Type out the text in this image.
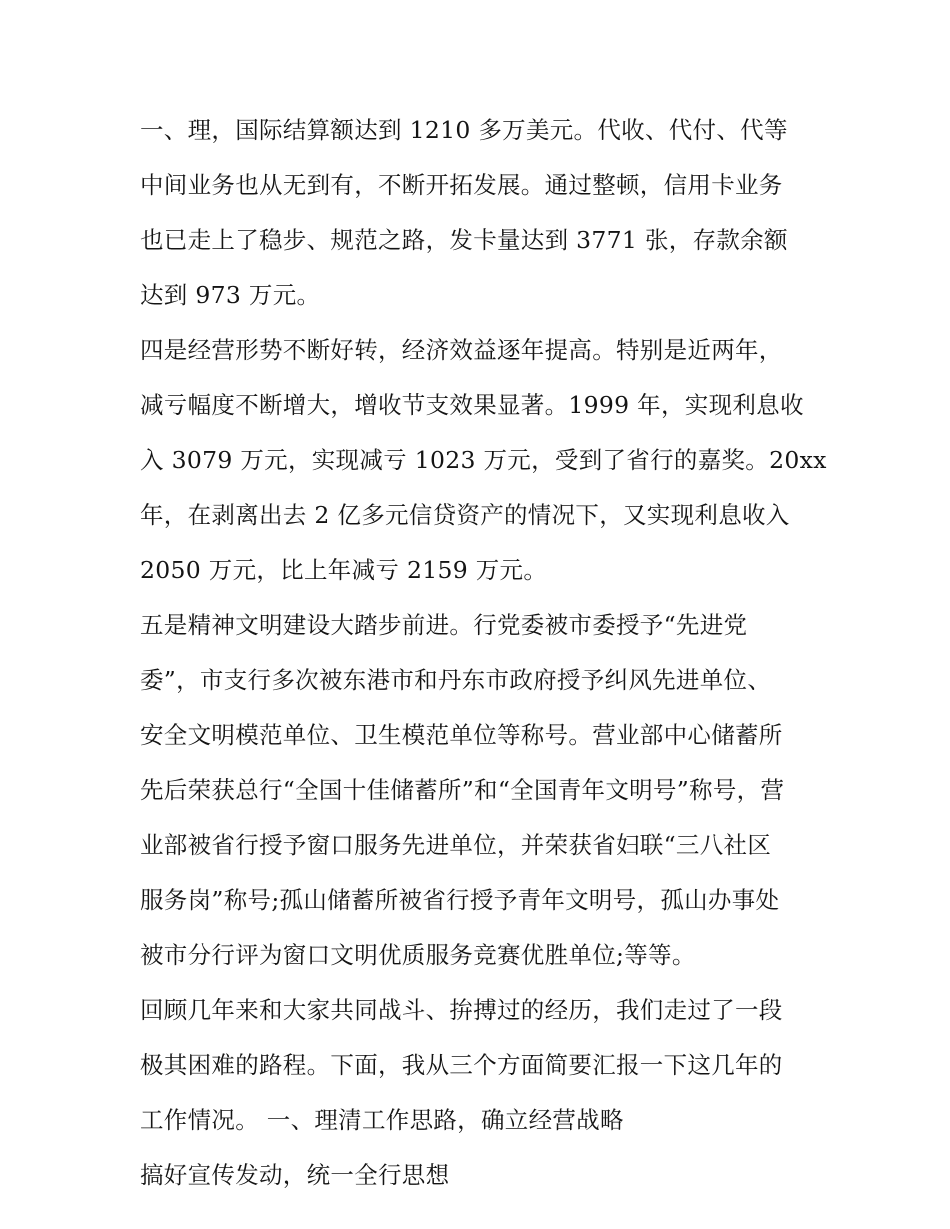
一、理，国际结算额达到 1210 多万美元。代收、代付、代等
中间业务也从无到有，不断开拓发展。通过整顿，信用卡业务
也已走上了稳步、规范之路，发卡量达到 3771 张，存款余额
达到 973 万元。
四是经营形势不断好转，经济效益逐年提高。特别是近两年，
减亏幅度不断增大，增收节支效果显著。1999 年，实现利息收
入 3079 万元，实现减亏 1023 万元，受到了省行的嘉奖。20xx
年，在剥离出去 2 亿多元信贷资产的情况下，又实现利息收入
2050 万元，比上年减亏 2159 万元。
五是精神文明建设大踏步前进。行党委被市委授予“先进党
委”，市支行多次被东港市和丹东市政府授予纠风先进单位、
安全文明模范单位、卫生模范单位等称号。营业部中心储蓄所
先后荣获总行“全国十佳储蓄所”和“全国青年文明号”称号，营
业部被省行授予窗口服务先进单位，并荣获省妇联“三八社区
服务岗”称号;孤山储蓄所被省行授予青年文明号，孤山办事处
被市分行评为窗口文明优质服务竞赛优胜单位;等等。
回顾几年来和大家共同战斗、拚搏过的经历，我们走过了一段
极其困难的路程。下面，我从三个方面简要汇报一下这几年的
工作情况。 一、理清工作思路，确立经营战略
搞好宣传发动，统一全行思想
